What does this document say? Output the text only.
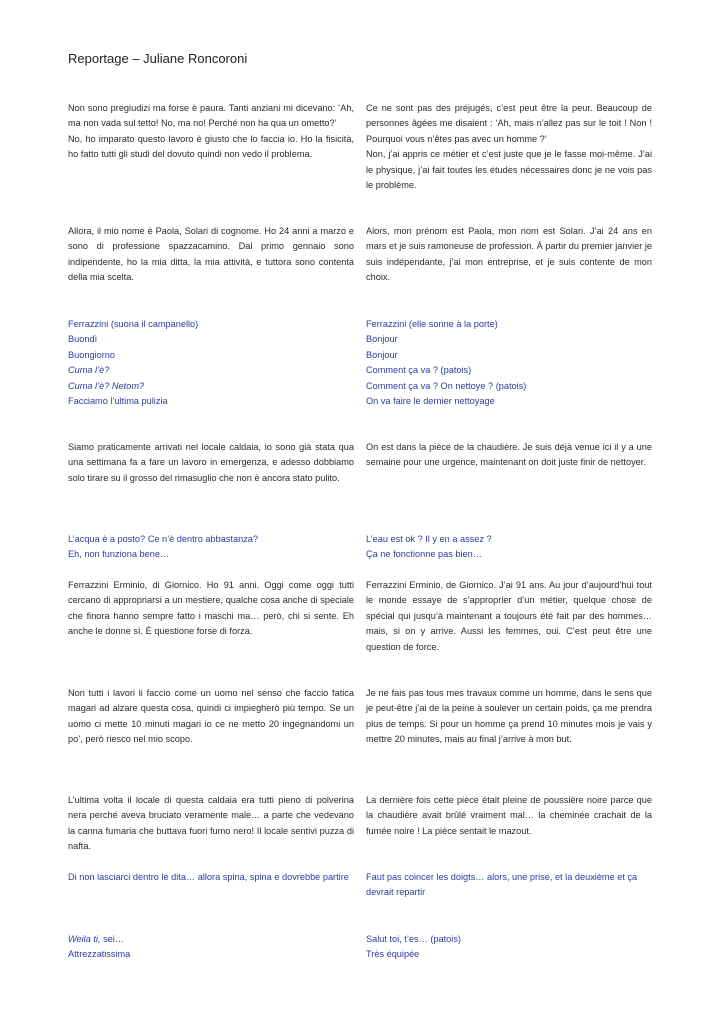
Reportage – Juliane Roncoroni
Non sono pregiudizi ma forse è paura. Tanti anziani mi dicevano: ‘Ah, ma non vada sul tetto! No, ma no! Perché non ha qua un ometto?’
No, ho imparato questo lavoro è giusto che lo faccia io. Ho la fisicità, ho fatto tutti gli studi del dovuto quindi non vedo il problema.
Ce ne sont pas des préjugés, c’est peut être la peur. Beaucoup de personnes âgées me disaient : ‘Ah, mais n’allez pas sur le toit ! Non ! Pourquoi vous n’êtes pas avec un homme ?’
Non, j’ai appris ce métier et c’est juste que je le fasse moi-même. J’ai le physique, j’ai fait toutes les études nécessaires donc je ne vois pas le problème.
Allora, il mio nome è Paola, Solari di cognome. Ho 24 anni a marzo e sono di professione spazzacamino. Dal primo gennaio sono indipendente, ho la mia ditta, la mia attività, e tuttora sono contenta della mia scelta.
Alors, mon prénom est Paola, mon nom est Solari. J’ai 24 ans en mars et je suis ramoneuse de profession. À partir du premier janvier je suis indépendante, j’ai mon entreprise, et je suis contente de mon choix.
Ferrazzini (suona il campanello)
Buondì
Buongiorno
Cuma l’è?
Cuma l’è? Netom?
Facciamo l’ultima pulizia
Ferrazzini (elle sonne à la porte)
Bonjour
Bonjour
Comment ça va ? (patois)
Comment ça va ? On nettoye ? (patois)
On va faire le dernier nettoyage
Siamo praticamente arrivati nel locale caldaia, io sono già stata qua una settimana fa a fare un lavoro in emergenza, e adesso dobbiamo solo tirare su il grosso del rimasuglio che non è ancora stato pulito.
On est dans la pièce de la chaudière. Je suis déjà venue ici il y a une semaine pour une urgence, maintenant on doit juste finir de nettoyer.
L’acqua è a posto? Ce n’è dentro abbastanza?
Eh, non funziona bene…
L’eau est ok ? Il y en a assez ?
Ça ne fonctionne pas bien…
Ferrazzini Erminio, di Giornico. Ho 91 anni. Oggi come oggi tutti cercano di appropriarsi a un mestiere, qualche cosa anche di speciale che finora hanno sempre fatto i maschi ma… però, chi si sente. Eh anche le donne sì. È questione forse di forza.
Ferrazzini Erminio, de Giornico. J’ai 91 ans. Au jour d’aujourd’hui tout le monde essaye de s’approprier d’un métier, quelque chose de spécial qui jusqu’à maintenant a toujours été fait par des hommes… mais, si on y arrive. Aussi les femmes, oui. C’est peut être une question de force.
Non tutti i lavori li faccio come un uomo nel senso che faccio fatica magari ad alzare questa cosa, quindi ci impiegherò più tempo. Se un uomo ci mette 10 minuti magari io ce ne metto 20 ingegnandomi un po’, però riesco nel mio scopo.
Je ne fais pas tous mes travaux comme un homme, dans le sens que je peut-être j’ai de la peine à soulever un certain poids, ça me prendra plus de temps. Si pour un homme ça prend 10 minutes mois je vais y mettre 20 minutes, mais au final j’arrive à mon but.
L’ultima volta il locale di questa caldaia era tutti pieno di polverina nera perché aveva bruciato veramente male… a parte che vedevano la canna fumaria che buttava fuori fumo nero! Il locale sentivi puzza di nafta.
La dernière fois cette pièce était pleine de poussière noire parce que la chaudière avait brûlé vraiment mal… la cheminée crachait de la fumée noire ! La pièce sentait le mazout.
Di non lasciarci dentro le dita… allora spina, spina e dovrebbe partire	Faut pas coincer les doigts… alors, une prise, et la deuxième et ça devrait repartir
Weila ti, sei…
Attrezzatissima
Salut toi, t’es… (patois)
Très équipée
